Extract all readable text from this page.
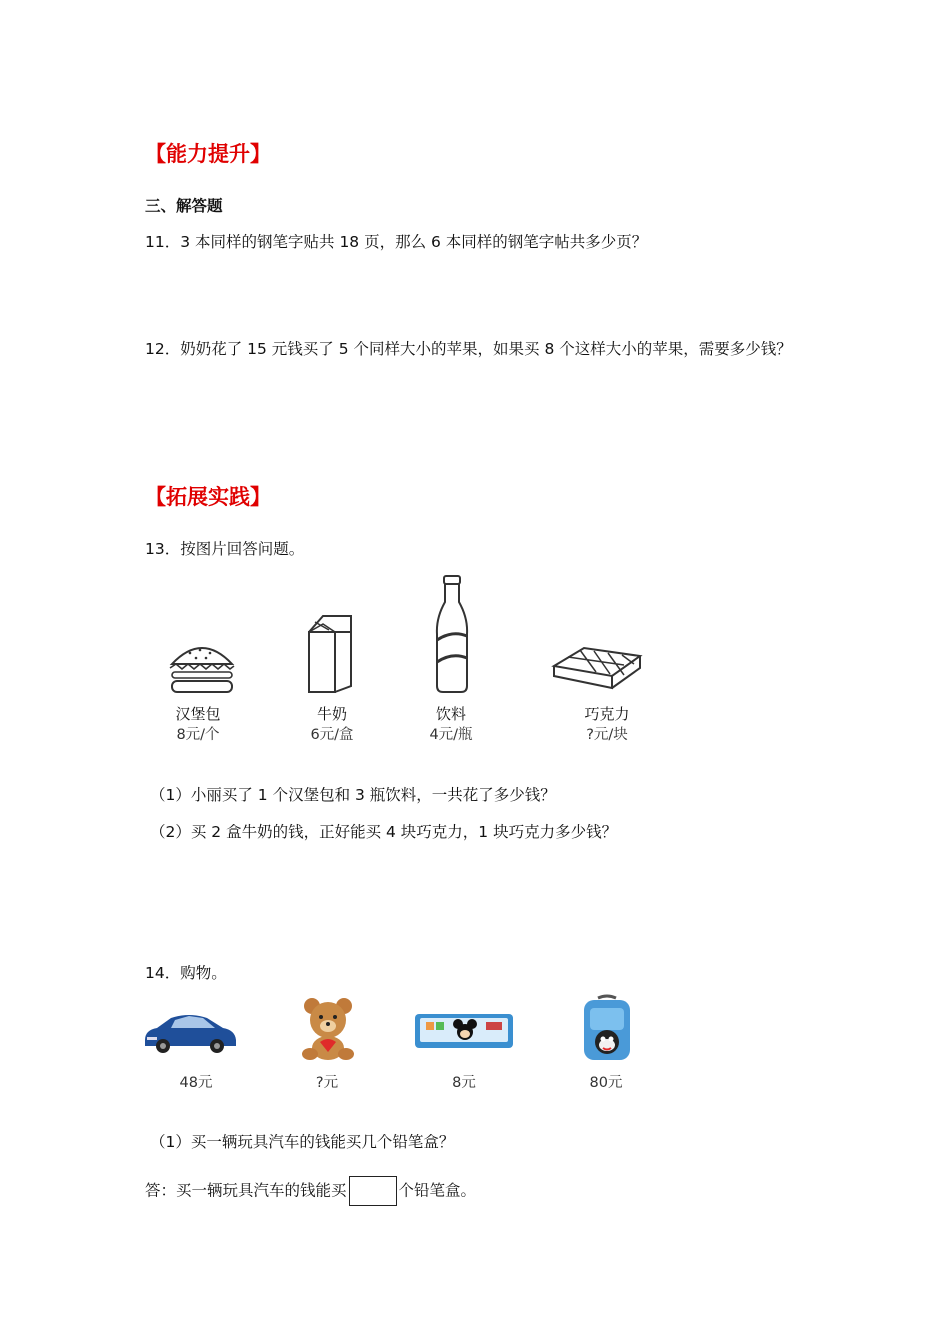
【能力提升】
三、解答题
11．3 本同样的钢笔字贴共 18 页，那么 6 本同样的钢笔字帖共多少页？
12．奶奶花了 15 元钱买了 5 个同样大小的苹果，如果买 8 个这样大小的苹果，需要多少钱？
【拓展实践】
13．按图片回答问题。
汉堡包
8元/个
牛奶
6元/盒
饮料
4元/瓶
巧克力
?元/块
（1）小丽买了 1 个汉堡包和 3 瓶饮料，一共花了多少钱？
（2）买 2 盒牛奶的钱，正好能买 4 块巧克力，1 块巧克力多少钱？
14．购物。
48元	?元	8元	80元
（1）买一辆玩具汽车的钱能买几个铅笔盒？
答：买一辆玩具汽车的钱能买	个铅笔盒。
